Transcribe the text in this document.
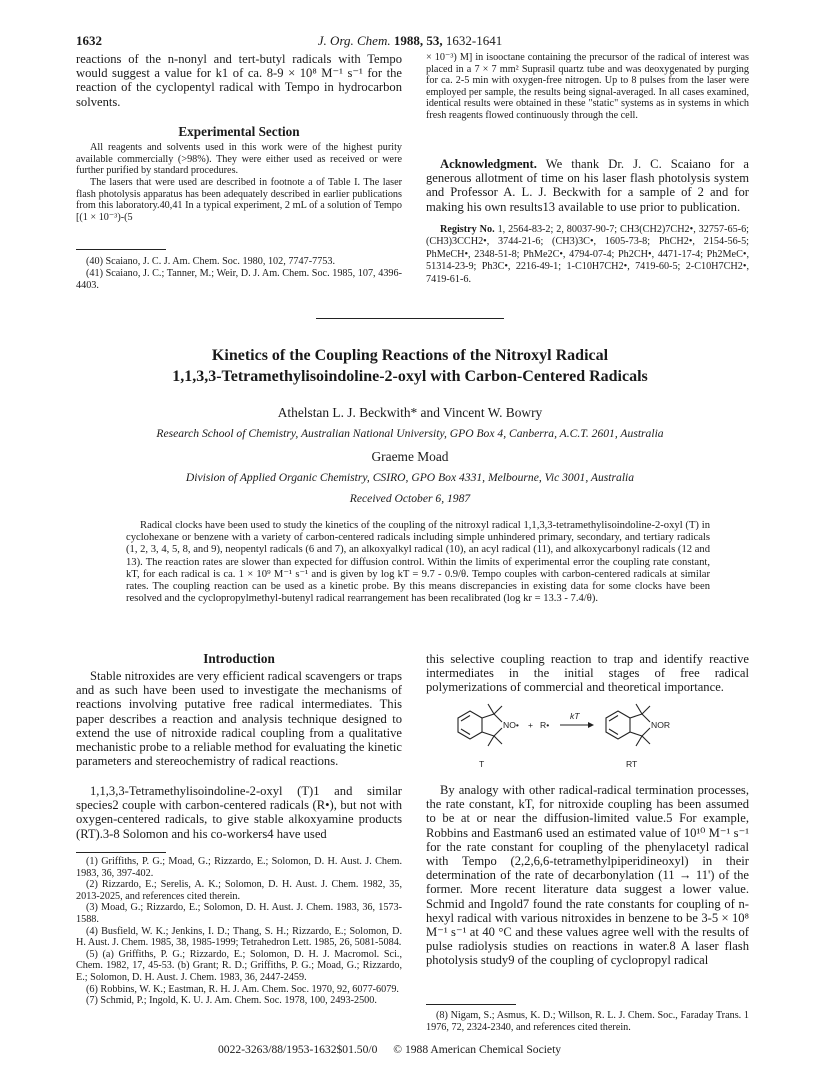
1632	J. Org. Chem. 1988, 53, 1632-1641

reactions of the n-nonyl and tert-butyl radicals with Tempo would suggest a value for k1 of ca. 8-9 × 10⁸ M⁻¹ s⁻¹ for the reaction of the cyclopentyl radical with Tempo in hydrocarbon solvents.

Experimental Section

All reagents and solvents used in this work were of the highest purity available commercially (>98%). They were either used as received or were further purified by standard procedures.

The lasers that were used are described in footnote a of Table I. The laser flash photolysis apparatus has been adequately described in earlier publications from this laboratory.40,41 In a typical experiment, 2 mL of a solution of Tempo [(1 × 10⁻³)-(5

(40) Scaiano, J. C. J. Am. Chem. Soc. 1980, 102, 7747-7753.

(41) Scaiano, J. C.; Tanner, M.; Weir, D. J. Am. Chem. Soc. 1985, 107, 4396-4403.

× 10⁻³) M] in isooctane containing the precursor of the radical of interest was placed in a 7 × 7 mm² Suprasil quartz tube and was deoxygenated by purging for ca. 2-5 min with oxygen-free nitrogen. Up to 8 pulses from the laser were employed per sample, the results being signal-averaged. In all cases examined, identical results were obtained in these "static" systems as in systems in which fresh reagents flowed continuously through the cell.

Acknowledgment. We thank Dr. J. C. Scaiano for a generous allotment of time on his laser flash photolysis system and Professor A. L. J. Beckwith for a sample of 2 and for making his own results13 available to use prior to publication.

Registry No. 1, 2564-83-2; 2, 80037-90-7; CH3(CH2)7CH2•, 32757-65-6; (CH3)3CCH2•, 3744-21-6; (CH3)3C•, 1605-73-8; PhCH2•, 2154-56-5; PhMeCH•, 2348-51-8; PhMe2C•, 4794-07-4; Ph2CH•, 4471-17-4; Ph2MeC•, 51314-23-9; Ph3C•, 2216-49-1; 1-C10H7CH2•, 7419-60-5; 2-C10H7CH2•, 7419-61-6.

Kinetics of the Coupling Reactions of the Nitroxyl Radical
1,1,3,3-Tetramethylisoindoline-2-oxyl with Carbon-Centered Radicals
Athelstan L. J. Beckwith* and Vincent W. Bowry
Research School of Chemistry, Australian National University, GPO Box 4, Canberra, A.C.T. 2601, Australia
Graeme Moad
Division of Applied Organic Chemistry, CSIRO, GPO Box 4331, Melbourne, Vic 3001, Australia
Received October 6, 1987

Radical clocks have been used to study the kinetics of the coupling of the nitroxyl radical 1,1,3,3-tetramethylisoindoline-2-oxyl (T) in cyclohexane or benzene with a variety of carbon-centered radicals including simple unhindered primary, secondary, and tertiary radicals (1, 2, 3, 4, 5, 8, and 9), neopentyl radicals (6 and 7), an alkoxyalkyl radical (10), an acyl radical (11), and alkoxycarbonyl radicals (12 and 13). The reaction rates are slower than expected for diffusion control. Within the limits of experimental error the coupling rate constant, kT, for each radical is ca. 1 × 10⁹ M⁻¹ s⁻¹ and is given by log kT = 9.7 - 0.9/θ. Tempo couples with carbon-centered radicals at similar rates. The coupling reaction can be used as a kinetic probe. By this means discrepancies in existing data for some clocks have been resolved and the cyclopropylmethyl-butenyl radical rearrangement has been recalibrated (log kr = 13.3 - 7.4/θ).

Introduction

Stable nitroxides are very efficient radical scavengers or traps and as such have been used to investigate the mechanisms of reactions involving putative free radical intermediates. This paper describes a reaction and analysis technique designed to extend the use of nitroxide radical coupling from a qualitative mechanistic probe to a reliable method for evaluating the kinetic parameters and stereochemistry of radical reactions.

1,1,3,3-Tetramethylisoindoline-2-oxyl (T)1 and similar species2 couple with carbon-centered radicals (R•), but not with oxygen-centered radicals, to give stable alkoxyamine products (RT).3-8 Solomon and his co-workers4 have used

(1) Griffiths, P. G.; Moad, G.; Rizzardo, E.; Solomon, D. H. Aust. J. Chem. 1983, 36, 397-402.

(2) Rizzardo, E.; Serelis, A. K.; Solomon, D. H. Aust. J. Chem. 1982, 35, 2013-2025, and references cited therein.

(3) Moad, G.; Rizzardo, E.; Solomon, D. H. Aust. J. Chem. 1983, 36, 1573-1588.

(4) Busfield, W. K.; Jenkins, I. D.; Thang, S. H.; Rizzardo, E.; Solomon, D. H. Aust. J. Chem. 1985, 38, 1985-1999; Tetrahedron Lett. 1985, 26, 5081-5084.

(5) (a) Griffiths, P. G.; Rizzardo, E.; Solomon, D. H. J. Macromol. Sci., Chem. 1982, 17, 45-53. (b) Grant; R. D.; Griffiths, P. G.; Moad, G.; Rizzardo, E.; Solomon, D. H. Aust. J. Chem. 1983, 36, 2447-2459.

(6) Robbins, W. K.; Eastman, R. H. J. Am. Chem. Soc. 1970, 92, 6077-6079.

(7) Schmid, P.; Ingold, K. U. J. Am. Chem. Soc. 1978, 100, 2493-2500.

this selective coupling reaction to trap and identify reactive intermediates in the initial stages of free radical polymerizations of commercial and theoretical importance.

NO• + R•
kT
NOR
T	RT

By analogy with other radical-radical termination processes, the rate constant, kT, for nitroxide coupling has been assumed to be at or near the diffusion-limited value.5 For example, Robbins and Eastman6 used an estimated value of 10¹⁰ M⁻¹ s⁻¹ for the rate constant for coupling of the phenylacetyl radical with Tempo (2,2,6,6-tetramethylpiperidineoxyl) in their determination of the rate of decarbonylation (11 → 11') of the former. More recent literature data suggest a lower value. Schmid and Ingold7 found the rate constants for coupling of n-hexyl radical with various nitroxides in benzene to be 3-5 × 10⁸ M⁻¹ s⁻¹ at 40 °C and these values agree well with the results of pulse radiolysis studies on reactions in water.8 A laser flash photolysis study9 of the coupling of cyclopropyl radical

(8) Nigam, S.; Asmus, K. D.; Willson, R. L. J. Chem. Soc., Faraday Trans. 1 1976, 72, 2324-2340, and references cited therein.

0022-3263/88/1953-1632$01.50/0 © 1988 American Chemical Society
